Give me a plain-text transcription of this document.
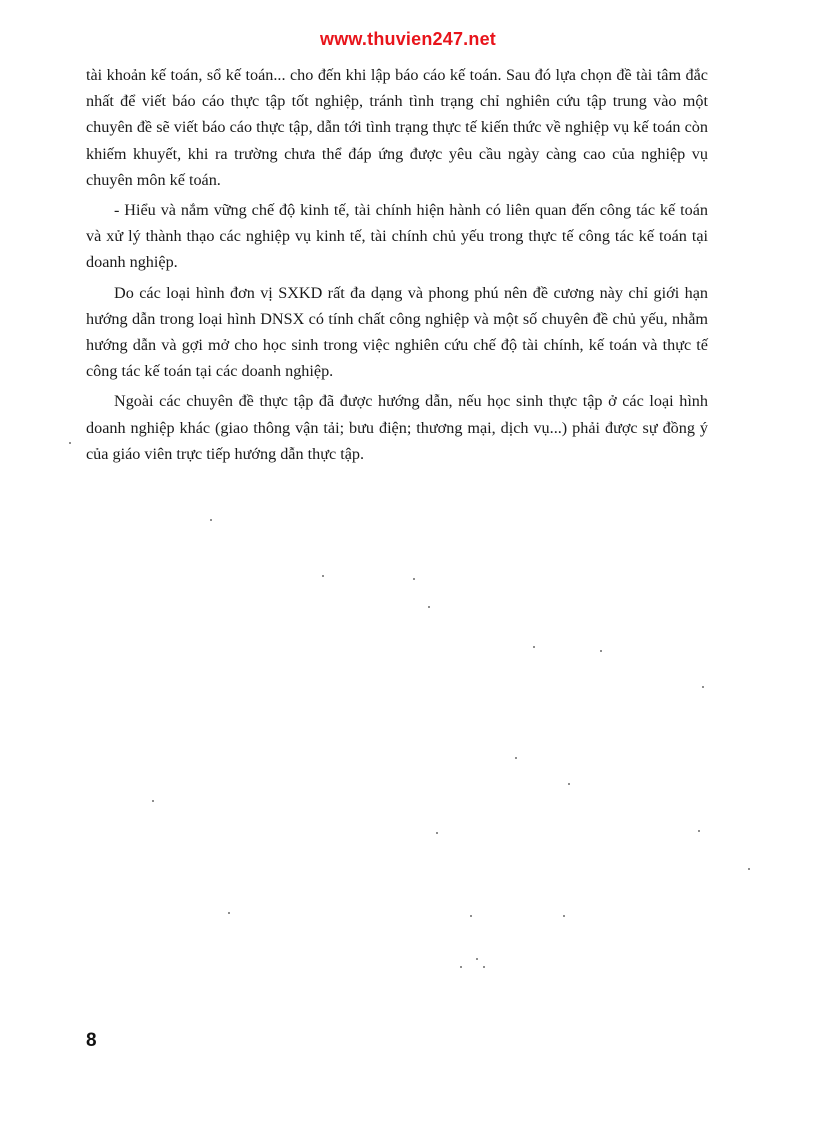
www.thuvien247.net

tài khoản kế toán, sổ kế toán... cho đến khi lập báo cáo kế toán. Sau đó lựa chọn đề tài tâm đắc nhất để viết báo cáo thực tập tốt nghiệp, tránh tình trạng chỉ nghiên cứu tập trung vào một chuyên đề sẽ viết báo cáo thực tập, dẫn tới tình trạng thực tế kiến thức về nghiệp vụ kế toán còn khiếm khuyết, khi ra trường chưa thể đáp ứng được yêu cầu ngày càng cao của nghiệp vụ chuyên môn kế toán.

- Hiểu và nắm vững chế độ kinh tế, tài chính hiện hành có liên quan đến công tác kế toán và xử lý thành thạo các nghiệp vụ kinh tế, tài chính chủ yếu trong thực tế công tác kế toán tại doanh nghiệp.

Do các loại hình đơn vị SXKD rất đa dạng và phong phú nên đề cương này chỉ giới hạn hướng dẫn trong loại hình DNSX có tính chất công nghiệp và một số chuyên đề chủ yếu, nhằm hướng dẫn và gợi mở cho học sinh trong việc nghiên cứu chế độ tài chính, kế toán và thực tế công tác kế toán tại các doanh nghiệp.

Ngoài các chuyên đề thực tập đã được hướng dẫn, nếu học sinh thực tập ở các loại hình doanh nghiệp khác (giao thông vận tải; bưu điện; thương mại, dịch vụ...) phải được sự đồng ý của giáo viên trực tiếp hướng dẫn thực tập.

8
